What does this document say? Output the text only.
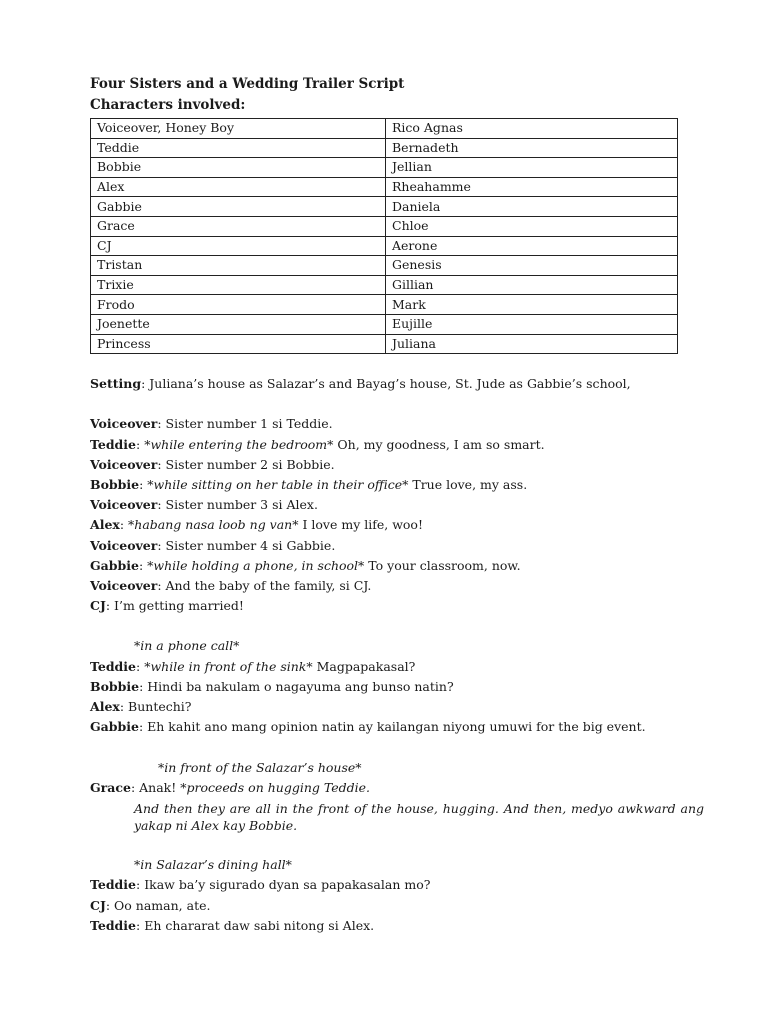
Four Sisters and a Wedding Trailer Script
Characters involved:
Voiceover, Honey Boy	Rico Agnas
Teddie	Bernadeth
Bobbie	Jellian
Alex	Rheahamme
Gabbie	Daniela
Grace	Chloe
CJ	Aerone
Tristan	Genesis
Trixie	Gillian
Frodo	Mark
Joenette	Eujille
Princess	Juliana
Setting: Juliana’s house as Salazar’s and Bayag’s house, St. Jude as Gabbie’s school,
Voiceover: Sister number 1 si Teddie.
Teddie: *while entering the bedroom* Oh, my goodness, I am so smart.
Voiceover: Sister number 2 si Bobbie.
Bobbie: *while sitting on her table in their office* True love, my ass.
Voiceover: Sister number 3 si Alex.
Alex: *habang nasa loob ng van* I love my life, woo!
Voiceover: Sister number 4 si Gabbie.
Gabbie: *while holding a phone, in school* To your classroom, now.
Voiceover: And the baby of the family, si CJ.
CJ: I’m getting married!
*in a phone call*
Teddie: *while in front of the sink* Magpapakasal?
Bobbie: Hindi ba nakulam o nagayuma ang bunso natin?
Alex: Buntechi?
Gabbie: Eh kahit ano mang opinion natin ay kailangan niyong umuwi for the big event.
*in front of the Salazar’s house*
Grace: Anak! *proceeds on hugging Teddie.
And then they are all in the front of the house, hugging. And then, medyo awkward ang yakap ni Alex kay Bobbie.
*in Salazar’s dining hall*
Teddie: Ikaw ba’y sigurado dyan sa papakasalan mo?
CJ: Oo naman, ate.
Teddie: Eh chararat daw sabi nitong si Alex.
